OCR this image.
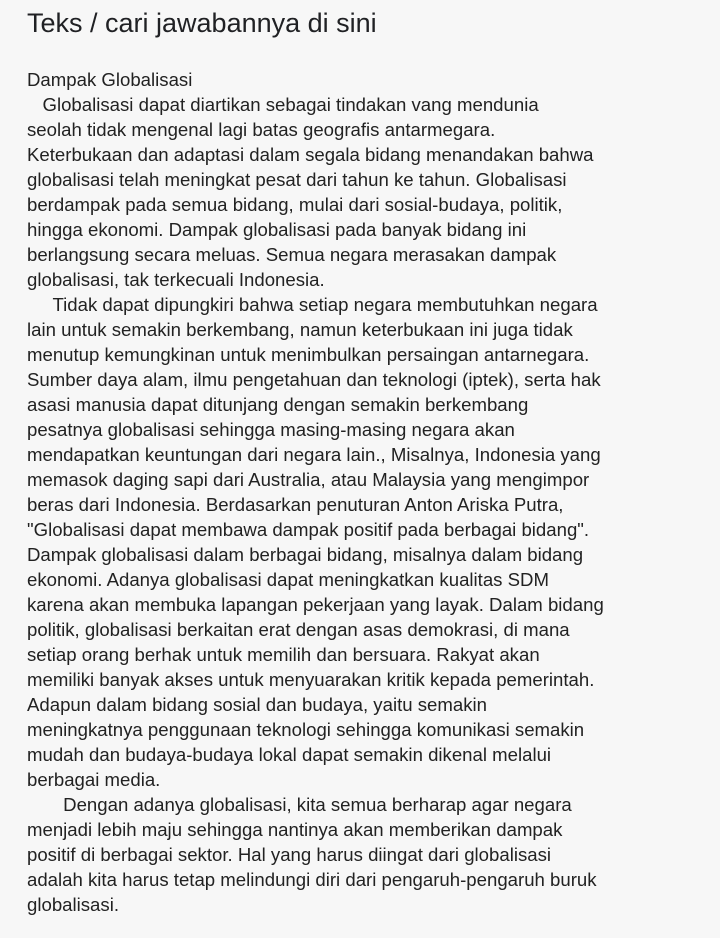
Teks / cari jawabannya di sini
Dampak Globalisasi
Globalisasi dapat diartikan sebagai tindakan vang mendunia
seolah tidak mengenal lagi batas geografis antarmegara.
Keterbukaan dan adaptasi dalam segala bidang menandakan bahwa
globalisasi telah meningkat pesat dari tahun ke tahun. Globalisasi
berdampak pada semua bidang, mulai dari sosial-budaya, politik,
hingga ekonomi. Dampak globalisasi pada banyak bidang ini
berlangsung secara meluas. Semua negara merasakan dampak
globalisasi, tak terkecuali Indonesia.
Tidak dapat dipungkiri bahwa setiap negara membutuhkan negara
lain untuk semakin berkembang, namun keterbukaan ini juga tidak
menutup kemungkinan untuk menimbulkan persaingan antarnegara.
Sumber daya alam, ilmu pengetahuan dan teknologi (iptek), serta hak
asasi manusia dapat ditunjang dengan semakin berkembang
pesatnya globalisasi sehingga masing-masing negara akan
mendapatkan keuntungan dari negara lain., Misalnya, Indonesia yang
memasok daging sapi dari Australia, atau Malaysia yang mengimpor
beras dari Indonesia. Berdasarkan penuturan Anton Ariska Putra,
"Globalisasi dapat membawa dampak positif pada berbagai bidang".
Dampak globalisasi dalam berbagai bidang, misalnya dalam bidang
ekonomi. Adanya globalisasi dapat meningkatkan kualitas SDM
karena akan membuka lapangan pekerjaan yang layak. Dalam bidang
politik, globalisasi berkaitan erat dengan asas demokrasi, di mana
setiap orang berhak untuk memilih dan bersuara. Rakyat akan
memiliki banyak akses untuk menyuarakan kritik kepada pemerintah.
Adapun dalam bidang sosial dan budaya, yaitu semakin
meningkatnya penggunaan teknologi sehingga komunikasi semakin
mudah dan budaya-budaya lokal dapat semakin dikenal melalui
berbagai media.
Dengan adanya globalisasi, kita semua berharap agar negara
menjadi lebih maju sehingga nantinya akan memberikan dampak
positif di berbagai sektor. Hal yang harus diingat dari globalisasi
adalah kita harus tetap melindungi diri dari pengaruh-pengaruh buruk
globalisasi.
